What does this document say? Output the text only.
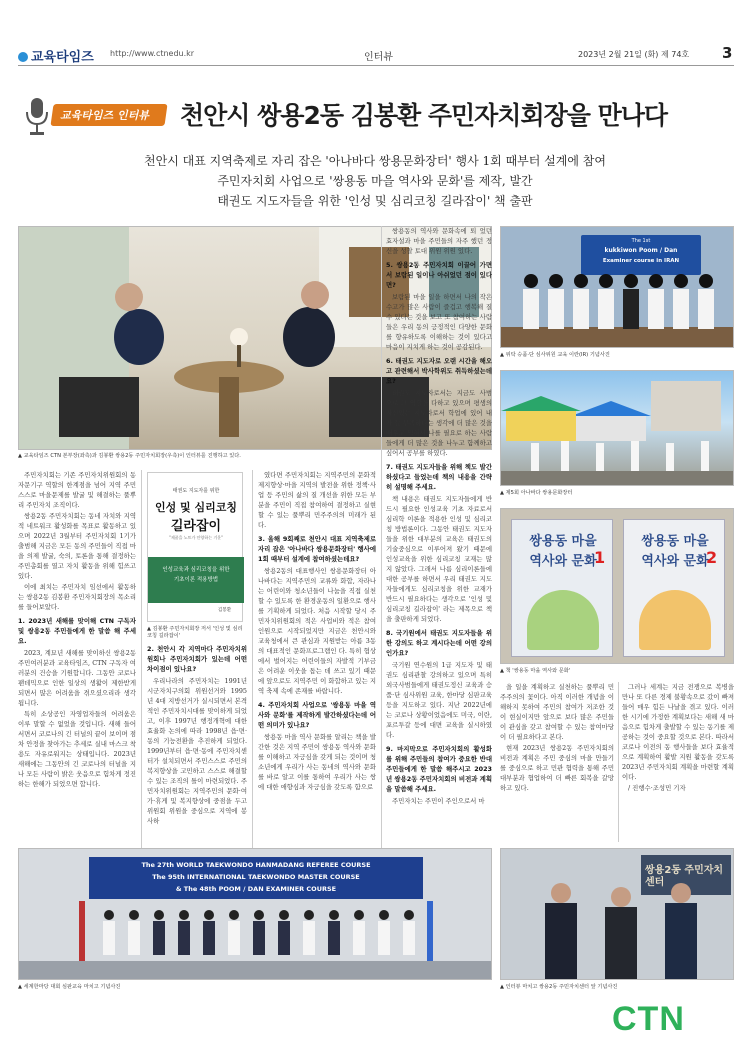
교육타임즈 http://www.ctnedu.kr	인터뷰	2023년 2월 21일 (화) 제 74호 3
교육타임즈 인터뷰 천안시 쌍용2동 김봉환 주민자치회장을 만나다
천안시 대표 지역축제로 자리 잡은 '아나바다 쌍용문화장터' 행사 1회 때부터 설계에 참여
주민자치회 사업으로 '쌍용동 마을 역사와 문화'를 제작, 발간
태권도 지도자들을 위한 '인성 및 심리코칭 길라잡이' 책 출판
▲ 교육타임즈 CTN 본부장(좌측)과 김봉환 쌍용2동 주민자치회장(우측)이 인터뷰를 진행하고 있다.

주민자치회는 기존 주민자치위원회의 동 자문기구 역할의 한계점을 넘어 지역 주민 스스로 마을문제를 발굴 및 해결하는 풀뿌리 주민자치 조직이다.

쌍용2동 주민자치회는 동네 자치와 지역적 네트워크 활성화를 목표로 활동하고 있으며 2022년 3월부터 주민자치회 1기가 출범해 지금은 모든 동의 주민들이 직접 마을 의제 발굴, 숙의, 토론을 통해 결정하는 주민총회를 열고 자치 활동을 위해 힘쓰고 있다.

이에 최치는 주민자치 임선에서 활동하는 쌍용2동 김봉환 주민자치회장의 목소리를 들어보았다.

1. 2023년 새해를 맞이해 CTN 구독자 및 쌍용2동 주민들에게 한 말씀 해 주세요.

2023, 계묘년 새해를 맞이하신 쌍용2동 주민여러분과 교육타임즈, CTN 구독자 여러분의 건승을 기원합니다. 그동안 코로나 팬데믹으로 인한 일상의 생활이 제한받게 되면서 많은 어려움을 겪으셨으리라 생각됩니다.

특히 소상공인 자영업자들의 어려움은 이루 말할 수 없었을 것입니다. 새해 들어서면서 코로나의 긴 터널의 끝이 보이며 점차 안정을 찾아가는 추세로 실내 마스크 착용도 자유로워지는 상태입니다. 2023년 새해에는 그동안의 긴 코로나의 터널을 지나 모든 사람이 밝은 웃음으로 힘차게 정진하는 한해가 되었으면 합니다.

태권도 지도자를 위한
인성 및 심리코칭
길라잡이
"제품을 노트가 안양하는 기운"
인성교육과 심리코칭을 위한
기초이론 적용방법
김봉환
▲ 김봉환 주민자치회장 저서 '인성 및 심리코칭 길라잡이'

2. 천안시 각 지역마다 주민자치위원회나 주민자치회가 있는데 어떤 차이점이 있나요?

우리나라의 주민자치는 1991년 시군자치구의회 위원선거와 1995년 4대 지방선거가 실시되면서 본격적인 주민자치시대를 맞이하게 되었고, 이후 1997년 행정개혁에 대한 효율화 논의에 따라 1998년 읍·면·동의 기능전환을 추진하게 되었다. 1999년부터 읍·면·동에 주민자치센터가 설치되면서 주민스스로 주민의 복지향상을 고민하고 스스로 해결할 수 있는 조직의 틀이 마련되었다. 주민자치위원회는 지역주민의 문화·여가·휴게 및 복지향상에 중점을 두고 위원회 위원을 중심으로 지역에 봉사하

였다면 주민자치회는 지역주민의 문화적 제지향상·마을 지역의 발전을 위한 정책·사업 등 주민의 삶의 질 개선을 위한 모든 부분을 주민이 직접 참여하여 결정하고 실현할 수 있는 풀뿌리 민주주의의 미래가 된다.

3. 올해 9회째로 천안시 대표 지역축제로 자리 잡은 '아나바다 쌍용문화장터' 행사에 1회 때부터 설계에 참여하셨는데요?

쌍용2동의 대표행사인 쌍용문화장터 아나바다는 지역주민의 교류와 화합, 자라나는 어린이와 청소년들이 나눔을 직접 실천할 수 있도록 한 환경운동의 일환으로 행사를 기획하게 되었다. 처음 시작할 당시 주민자치위원회의 적은 사업비와 적은 참여인원으로 시작되었지만 지금은 천안시와 교육청에서 큰 관심과 지원받는 아름 3동의 대표적인 문화프로그램인 다. 특히 협상에서 벌어지는 어린이들의 자발적 기부금은 어려운 이웃을 돕는 데 쓰고 있기 때문에 앞으로도 지역주민 이 화합하고 있는 지역 축제 속에 존재를 바랍니다.

4. 주민자치회 사업으로 '쌍용동 마을 역사와 문화'를 제작하게 발간하셨다는데 어떤 의미가 있나요?

쌍용동 마을 역사 문화를 알리는 책을 발간한 것은 지역 주민이 쌍용동 역사와 문화를 이해하고 자긍심을 갖게 되는 것이며 청소년에게 우리가 사는 동네의 역사와 문화를 바로 알고 이를 통하여 우리가 사는 쌍에 대한 애향심과 자긍심을 갖도록 함으로

쌍용동의 역사와 문화속에 퇴 었던 효자설과 마을 주민들의 자주 했던 정신을 성찰 토대 위원 위원 있다.

5. 쌍용2동 주민자치회 이끌어 가면서 보람된 일이나 아쉬었던 점이 있다면?

보람된 마을 일을 하면서 나의 작은 수고가 많은 사람이 즐겁고 행복해 질 수 있다는 것을 보고 또 참여하는 사람들은 우리 동의 긍정적인 다양한 문화를 향유하도록 이해하는 것이 있다고 마음이 지치게 하는 것이 공감된다.

6. 태권도 지도자로 오랜 시간을 해오고 관련해서 박사학위도 취득하셨는데요?

태권도 지도자로서는 지금도 사범 으로 그 역할을 다하고 있으며 평생의 자신있는 지도자로서 학업에 있어 내가 늘 부족하다는 생각에 더 많은 것을 배우고 익혀서 나를 필요로 하는 사람들에게 더 많은 것을 나누고 함께하고 싶어서 공부를 하였다.

7. 태권도 지도자들을 위해 책도 발간하셨다고 들었는데 책의 내용을 간략히 설명해 주세요.

책 내용은 태권도 지도자들에게 반드시 필요한 인성교육 기초 자료로서 심리학 이론을 적용한 인성 및 심리코칭 방법론이다. 그동안 태권도 지도자들을 위한 대부분의 교육은 태권도의 기술중심으로 이루어져 왔기 때문에 인성교육을 위한 심리코칭 교재는 많지 않았다. 그래서 나름 심리이론들에 대한 공부를 하면서 우리 태권도 지도자들에게도 심리코칭을 위한 교재가 반드시 필요하다는 생각으로 '인성 및 심리코칭 길라잡이' 라는 제목으로 책을 출판하게 되었다.

8. 국기원에서 태권도 지도자들을 위한 강의도 하고 계시다는데 어떤 강의인가요?

국기원 연수원의 1급 지도자 및 태권도 심리관찰 강의하고 있으며 특히 외국사범들에게 태권도정신 교육과 승품·단 심사위원 교육, 한마당 심판교육 등을 지도하고 있다. 지난 2022년에는 코로나 상황이었음에도 미국, 이란, 포르투갈 등에 대면 교육을 실시하였다.

9. 마지막으로 주민자치회의 활성화를 위해 주민들의 참여가 중요한 반대 주민들에게 한 말씀 해주시고 2023년 쌍용2동 주민자치회의 비전과 계획을 말씀해 주세요.

주민자치는 주민이 주인으로서 마

The 1st
kukkiwon Poom / Dan
Examiner course in IRAN
▲ 위탁 승품·단 심사위원 교육 이란(IR) 기념사진
▲ 제5회 아나바다 쌍용문화장터
쌍용동 마을
역사와 문화
1
쌍용동 마을
역사와 문화
2
▲ 책 '쌍용동 마을 역사와 문화'

을 일을 계획하고 실천하는 풀뿌리 민주주의의 꽃이다. 아직 이러한 개념을 이해하지 못하여 주민의 참여가 저조한 것이 현실이지만 앞으로 보다 많은 주민들이 관심을 갖고 참여할 수 있는 참여마당이 더 필요하다고 본다.

현재 2023년 쌍용2동 주민자치회의 비전과 계획은 주민 중심의 마을 만들기를 중심으로 하고 민관 협력을 통해 주민 대부분과 협업하여 더 빠른 회복을 갈망하고 있다.

그러나 세계는 지금 전쟁으로 복병을 만나 또 다른 경제 불황속으로 갔이 빠져들어 매우 힘든 나날을 겪고 있다. 이러한 시기에 가정한 계획보다는 새해 새 마음으로 힘차게 출발할 수 있는 동기를 제공하는 것이 중요할 것으로 본다. 따라서 코로나 이전의 동 행사들을 보다 효율적으로 계획하여 활발 지원 활동을 갖도록 2023년 주민자치회 계획을 마련할 계획이다.

/ 진행수·조성민 기자

The 27th WORLD TAEKWONDO HANMADANG REFEREE COURSE
The 95th INTERNATIONAL TAEKWONDO MASTER COURSE
& The 48th POOM / DAN EXAMINER COURSE
▲ 세계한마당 대회 심판교육 마치고 기념사진
쌍용2동 주민자치센터
▲ 인터뷰 마치고 쌍용2동 주민자치센터 앞 기념사진
CTN
